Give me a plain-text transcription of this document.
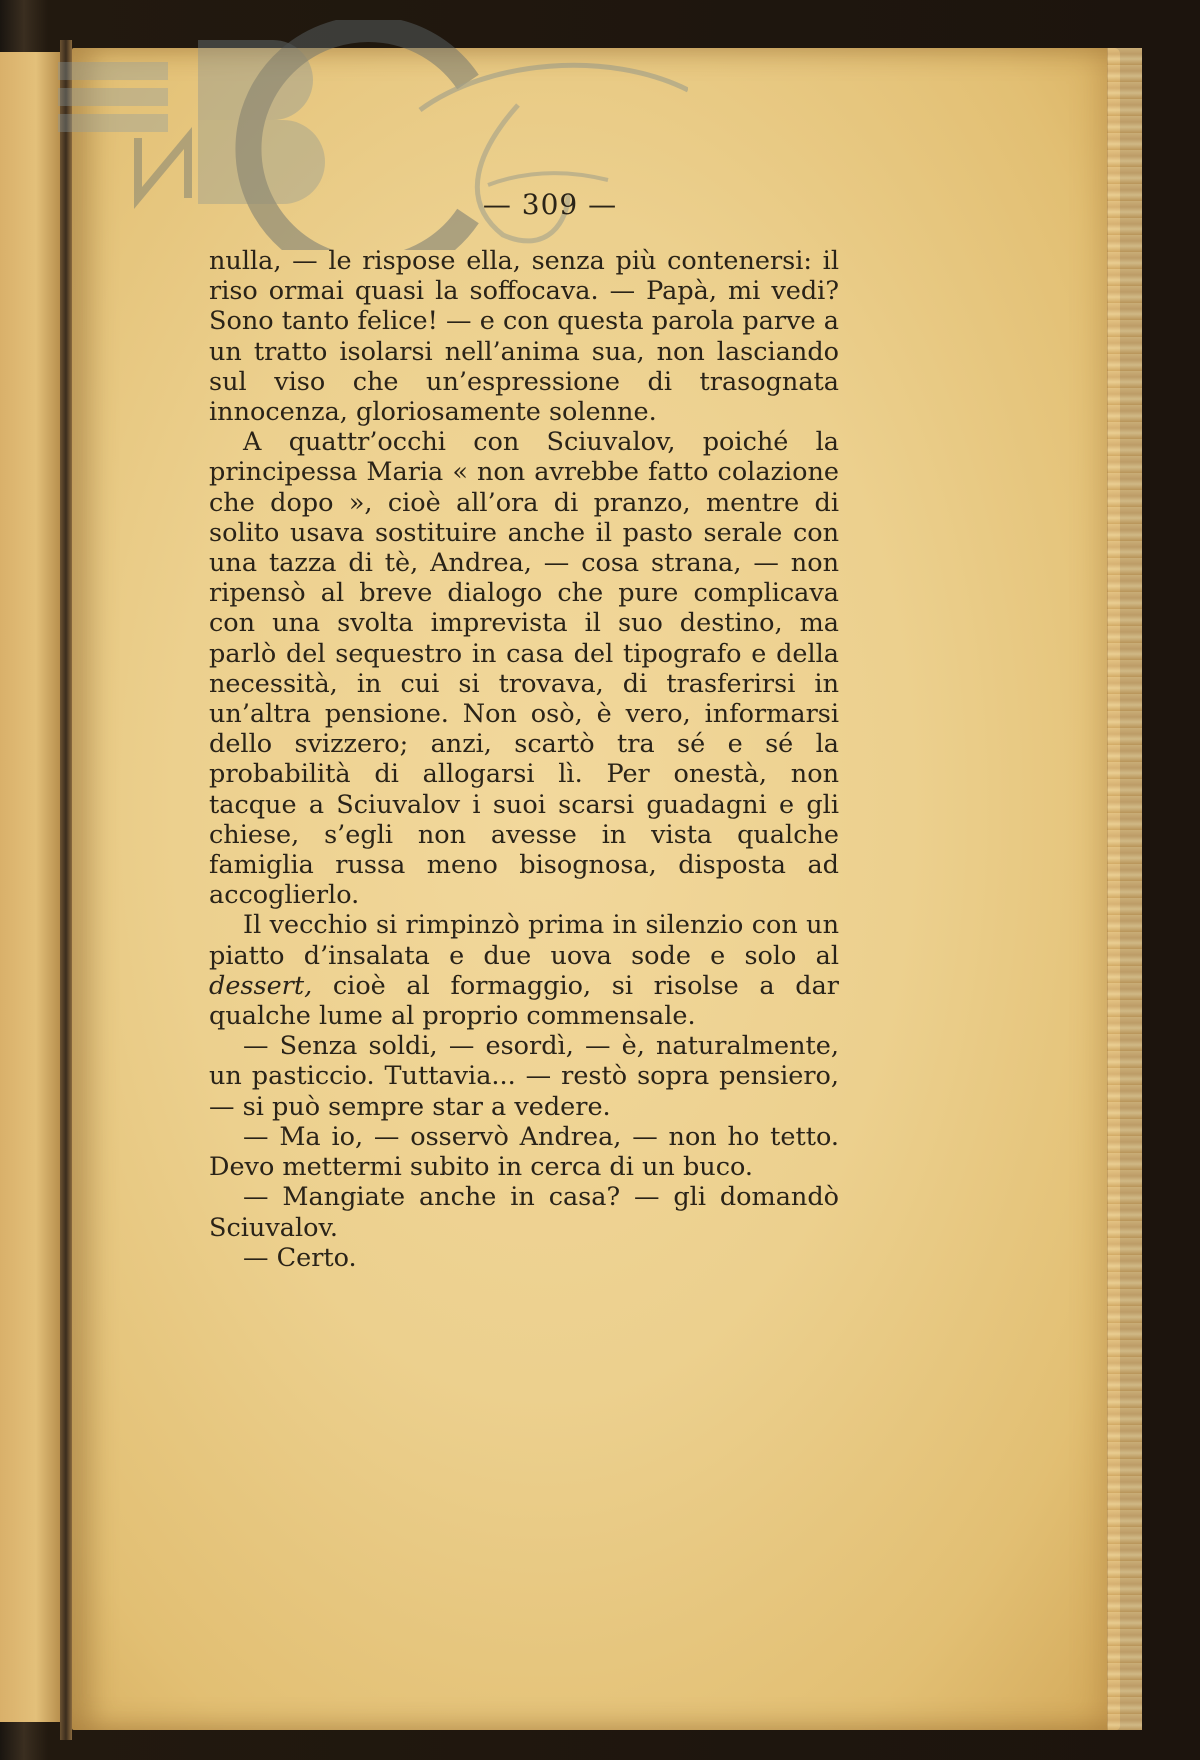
— 309 —

nulla, — le rispose ella, senza più contenersi: il riso ormai quasi la soffocava. — Papà, mi vedi? Sono tanto felice! — e con questa parola parve a un tratto isolarsi nell’anima sua, non lasciando sul viso che un’espressione di trasognata innocenza, gloriosamente solenne.

A quattr’occhi con Sciuvalov, poiché la principessa Maria « non avrebbe fatto colazione che dopo », cioè all’ora di pranzo, mentre di solito usava sostituire anche il pasto serale con una tazza di tè, Andrea, — cosa strana, — non ripensò al breve dialogo che pure complicava con una svolta imprevista il suo destino, ma parlò del sequestro in casa del tipografo e della necessità, in cui si trovava, di trasferirsi in un’altra pensione. Non osò, è vero, informarsi dello svizzero; anzi, scartò tra sé e sé la probabilità di allogarsi lì. Per onestà, non tacque a Sciuvalov i suoi scarsi guadagni e gli chiese, s’egli non avesse in vista qualche famiglia russa meno bisognosa, disposta ad accoglierlo.

Il vecchio si rimpinzò prima in silenzio con un piatto d’insalata e due uova sode e solo al dessert, cioè al formaggio, si risolse a dar qualche lume al proprio commensale.

— Senza soldi, — esordì, — è, naturalmente, un pasticcio. Tuttavia... — restò sopra pensiero, — si può sempre star a vedere.

— Ma io, — osservò Andrea, — non ho tetto. Devo mettermi subito in cerca di un buco.

— Mangiate anche in casa? — gli domandò Sciuvalov.

— Certo.
